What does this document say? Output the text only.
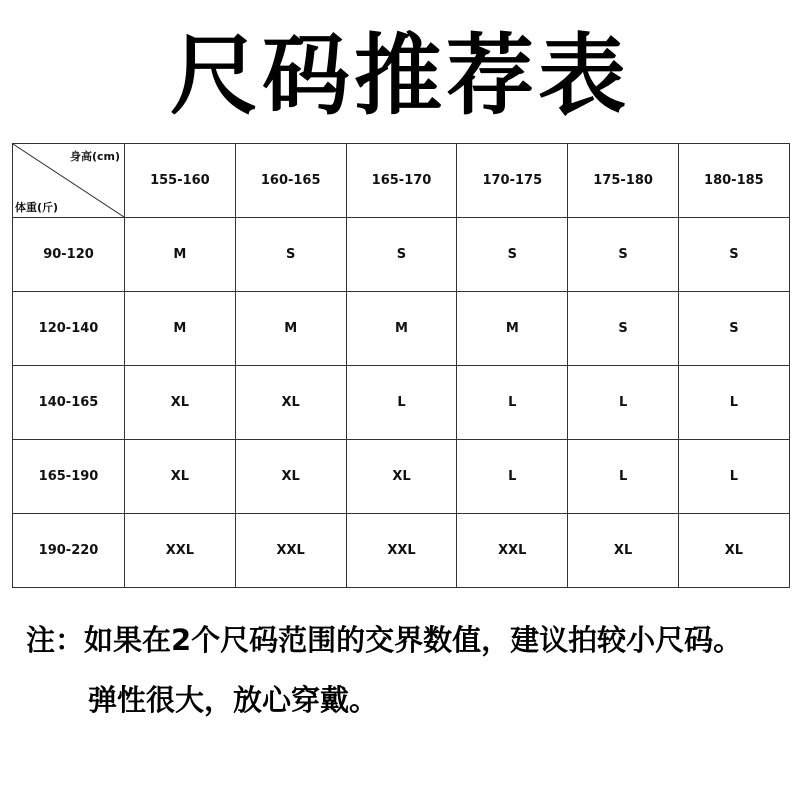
尺码推荐表
身高(cm)
体重(斤)	155-160	160-165	165-170	170-175	175-180	180-185
90-120	M	S	S	S	S	S
120-140	M	M	M	M	S	S
140-165	XL	XL	L	L	L	L
165-190	XL	XL	XL	L	L	L
190-220	XXL	XXL	XXL	XXL	XL	XL
注：如果在2个尺码范围的交界数值，建议拍较小尺码。
弹性很大，放心穿戴。
